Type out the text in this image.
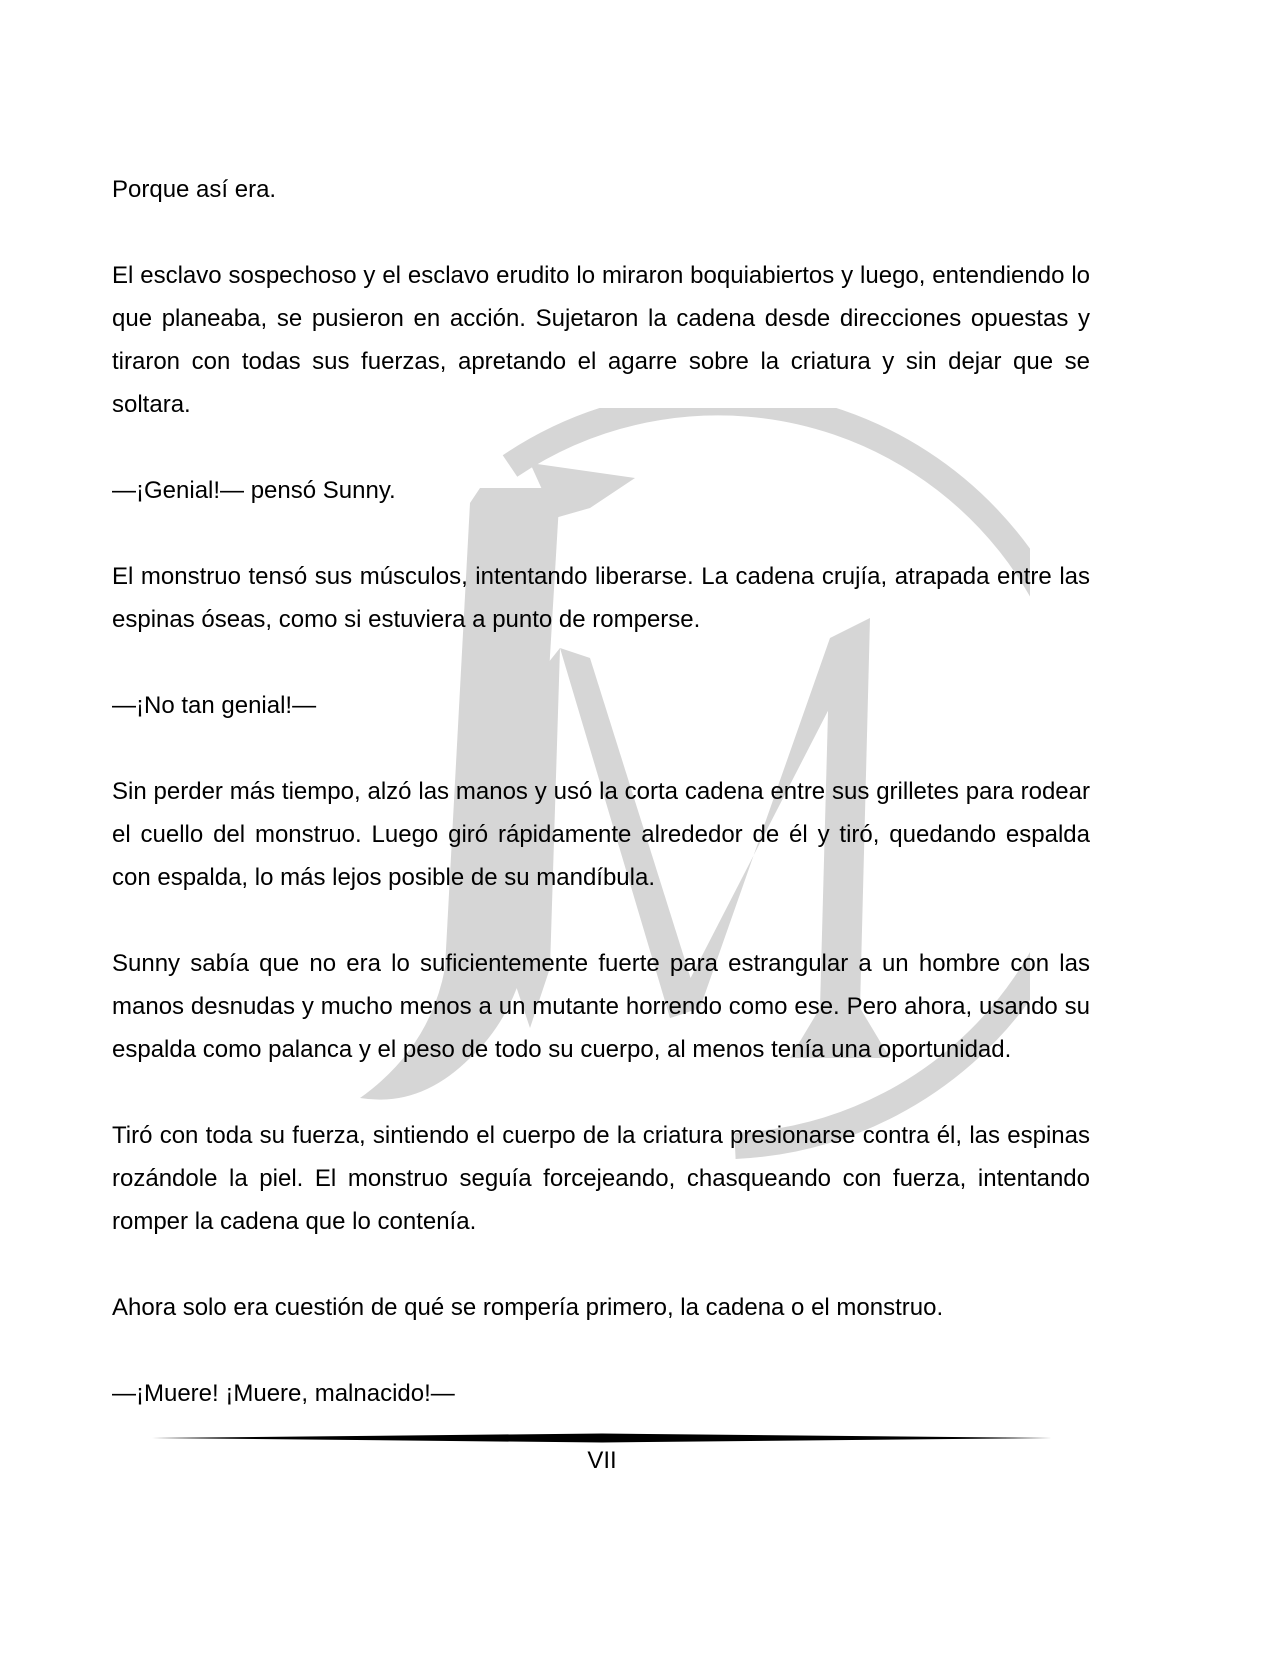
Porque así era.

El esclavo sospechoso y el esclavo erudito lo miraron boquiabiertos y luego, entendiendo lo que planeaba, se pusieron en acción. Sujetaron la cadena desde direcciones opuestas y tiraron con todas sus fuerzas, apretando el agarre sobre la criatura y sin dejar que se soltara.

—¡Genial!— pensó Sunny.

El monstruo tensó sus músculos, intentando liberarse. La cadena crujía, atrapada entre las espinas óseas, como si estuviera a punto de romperse.

—¡No tan genial!—

Sin perder más tiempo, alzó las manos y usó la corta cadena entre sus grilletes para rodear el cuello del monstruo. Luego giró rápidamente alrededor de él y tiró, quedando espalda con espalda, lo más lejos posible de su mandíbula.

Sunny sabía que no era lo suficientemente fuerte para estrangular a un hombre con las manos desnudas y mucho menos a un mutante horrendo como ese. Pero ahora, usando su espalda como palanca y el peso de todo su cuerpo, al menos tenía una oportunidad.

Tiró con toda su fuerza, sintiendo el cuerpo de la criatura presionarse contra él, las espinas rozándole la piel. El monstruo seguía forcejeando, chasqueando con fuerza, intentando romper la cadena que lo contenía.

Ahora solo era cuestión de qué se rompería primero, la cadena o el monstruo.

—¡Muere! ¡Muere, malnacido!—

VII
